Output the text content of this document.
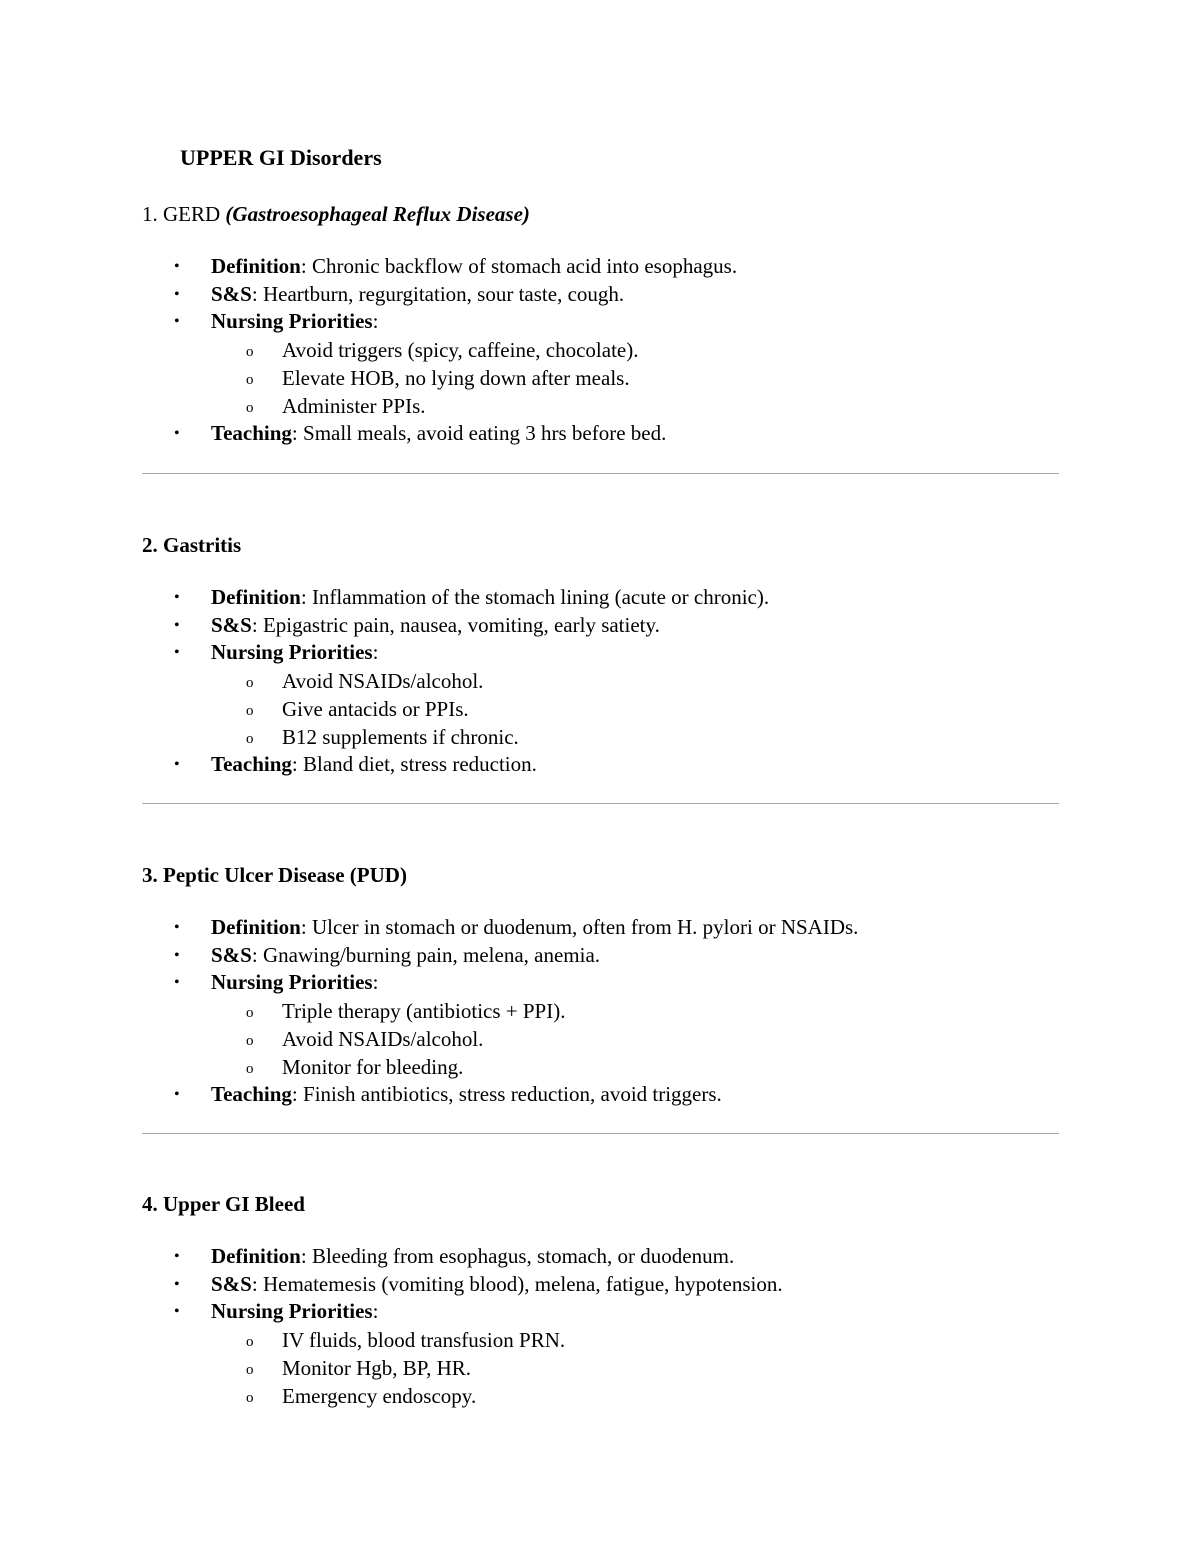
UPPER GI Disorders

1. GERD (Gastroesophageal Reflux Disease)

• Definition: Chronic backflow of stomach acid into esophagus.
• S&S: Heartburn, regurgitation, sour taste, cough.
• Nursing Priorities:
o Avoid triggers (spicy, caffeine, chocolate).
o Elevate HOB, no lying down after meals.
o Administer PPIs.
• Teaching: Small meals, avoid eating 3 hrs before bed.

2. Gastritis

• Definition: Inflammation of the stomach lining (acute or chronic).
• S&S: Epigastric pain, nausea, vomiting, early satiety.
• Nursing Priorities:
o Avoid NSAIDs/alcohol.
o Give antacids or PPIs.
o B12 supplements if chronic.
• Teaching: Bland diet, stress reduction.

3. Peptic Ulcer Disease (PUD)

• Definition: Ulcer in stomach or duodenum, often from H. pylori or NSAIDs.
• S&S: Gnawing/burning pain, melena, anemia.
• Nursing Priorities:
o Triple therapy (antibiotics + PPI).
o Avoid NSAIDs/alcohol.
o Monitor for bleeding.
• Teaching: Finish antibiotics, stress reduction, avoid triggers.

4. Upper GI Bleed

• Definition: Bleeding from esophagus, stomach, or duodenum.
• S&S: Hematemesis (vomiting blood), melena, fatigue, hypotension.
• Nursing Priorities:
o IV fluids, blood transfusion PRN.
o Monitor Hgb, BP, HR.
o Emergency endoscopy.
